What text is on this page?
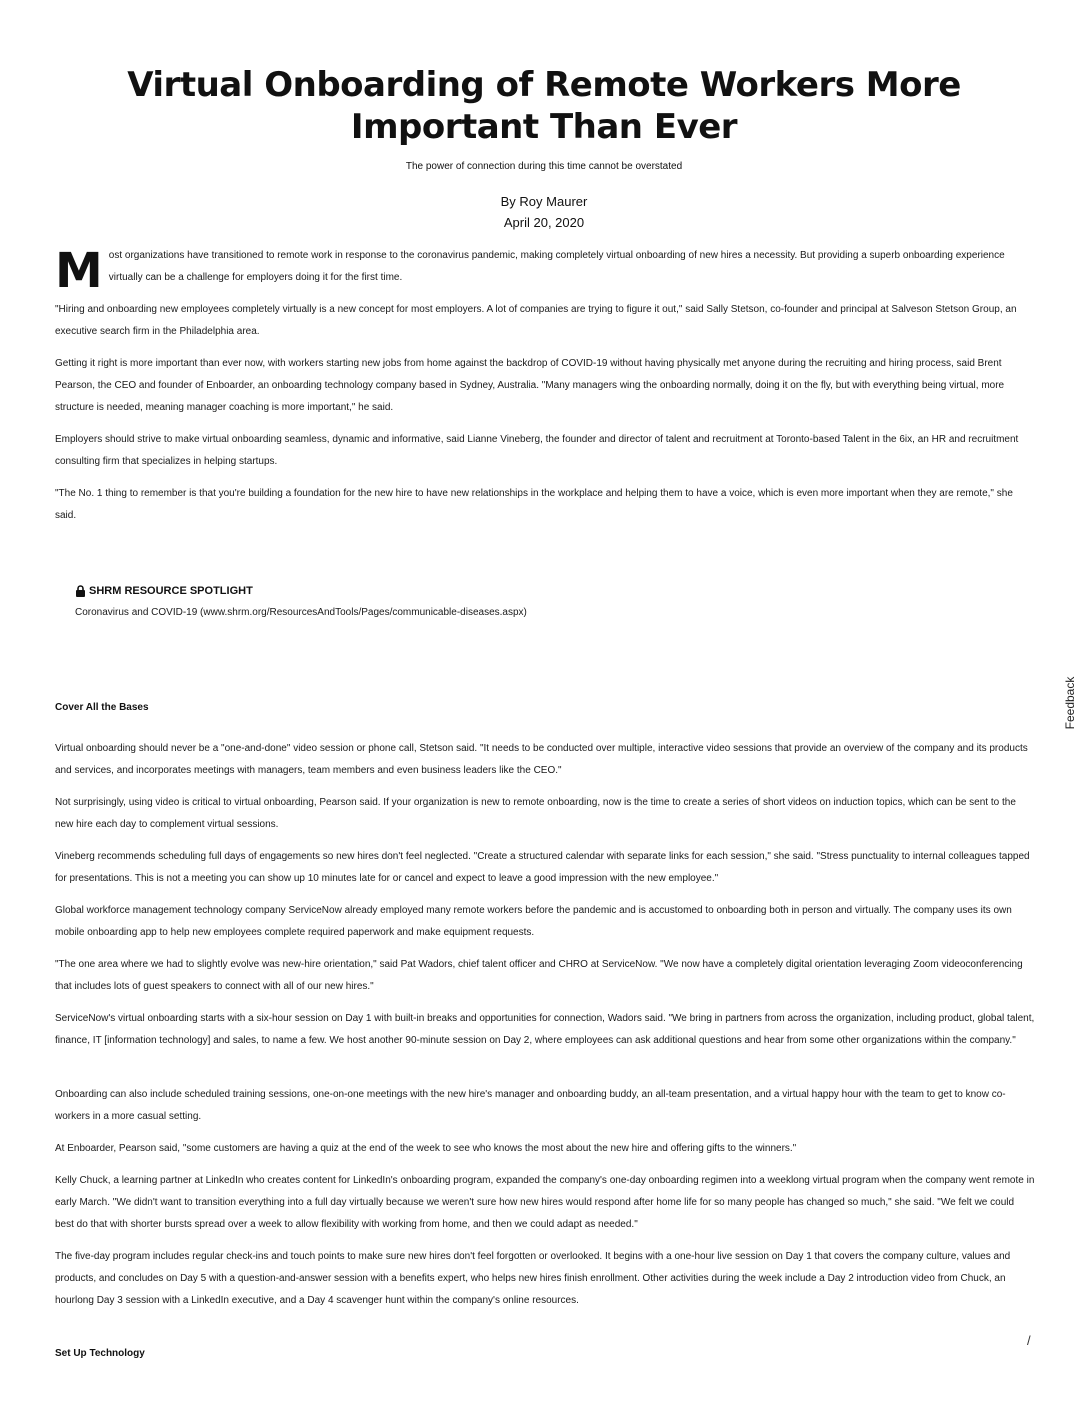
Virtual Onboarding of Remote Workers More Important Than Ever
The power of connection during this time cannot be overstated
By Roy Maurer
April 20, 2020
M ost organizations have transitioned to remote work in response to the coronavirus pandemic, making completely virtual onboarding of new hires a necessity. But providing a superb onboarding experience virtually can be a challenge for employers doing it for the first time.

"Hiring and onboarding new employees completely virtually is a new concept for most employers. A lot of companies are trying to figure it out," said Sally Stetson, co-founder and principal at Salveson Stetson Group, an executive search firm in the Philadelphia area.

Getting it right is more important than ever now, with workers starting new jobs from home against the backdrop of COVID-19 without having physically met anyone during the recruiting and hiring process, said Brent Pearson, the CEO and founder of Enboarder, an onboarding technology company based in Sydney, Australia. "Many managers wing the onboarding normally, doing it on the fly, but with everything being virtual, more structure is needed, meaning manager coaching is more important," he said.

Employers should strive to make virtual onboarding seamless, dynamic and informative, said Lianne Vineberg, the founder and director of talent and recruitment at Toronto-based Talent in the 6ix, an HR and recruitment consulting firm that specializes in helping startups.

"The No. 1 thing to remember is that you're building a foundation for the new hire to have new relationships in the workplace and helping them to have a voice, which is even more important when they are remote," she said.

SHRM RESOURCE SPOTLIGHT
Coronavirus and COVID-19 (www.shrm.org/ResourcesAndTools/Pages/communicable-diseases.aspx)
Cover All the Bases

Virtual onboarding should never be a "one-and-done" video session or phone call, Stetson said. "It needs to be conducted over multiple, interactive video sessions that provide an overview of the company and its products and services, and incorporates meetings with managers, team members and even business leaders like the CEO."

Not surprisingly, using video is critical to virtual onboarding, Pearson said. If your organization is new to remote onboarding, now is the time to create a series of short videos on induction topics, which can be sent to the new hire each day to complement virtual sessions.

Vineberg recommends scheduling full days of engagements so new hires don't feel neglected. "Create a structured calendar with separate links for each session," she said. "Stress punctuality to internal colleagues tapped for presentations. This is not a meeting you can show up 10 minutes late for or cancel and expect to leave a good impression with the new employee."

Global workforce management technology company ServiceNow already employed many remote workers before the pandemic and is accustomed to onboarding both in person and virtually. The company uses its own mobile onboarding app to help new employees complete required paperwork and make equipment requests.

"The one area where we had to slightly evolve was new-hire orientation," said Pat Wadors, chief talent officer and CHRO at ServiceNow. "We now have a completely digital orientation leveraging Zoom videoconferencing that includes lots of guest speakers to connect with all of our new hires."

ServiceNow's virtual onboarding starts with a six-hour session on Day 1 with built-in breaks and opportunities for connection, Wadors said. "We bring in partners from across the organization, including product, global talent, finance, IT [information technology] and sales, to name a few. We host another 90-minute session on Day 2, where employees can ask additional questions and hear from some other organizations within the company."

Onboarding can also include scheduled training sessions, one-on-one meetings with the new hire's manager and onboarding buddy, an all-team presentation, and a virtual happy hour with the team to get to know co-workers in a more casual setting.

At Enboarder, Pearson said, "some customers are having a quiz at the end of the week to see who knows the most about the new hire and offering gifts to the winners."

Kelly Chuck, a learning partner at LinkedIn who creates content for LinkedIn's onboarding program, expanded the company's one-day onboarding regimen into a weeklong virtual program when the company went remote in early March. "We didn't want to transition everything into a full day virtually because we weren't sure how new hires would respond after home life for so many people has changed so much," she said. "We felt we could best do that with shorter bursts spread over a week to allow flexibility with working from home, and then we could adapt as needed."

The five-day program includes regular check-ins and touch points to make sure new hires don't feel forgotten or overlooked. It begins with a one-hour live session on Day 1 that covers the company culture, values and products, and concludes on Day 5 with a question-and-answer session with a benefits expert, who helps new hires finish enrollment. Other activities during the week include a Day 2 introduction video from Chuck, an hourlong Day 3 session with a LinkedIn executive, and a Day 4 scavenger hunt within the company's online resources.

Set Up Technology
Feedback
/
